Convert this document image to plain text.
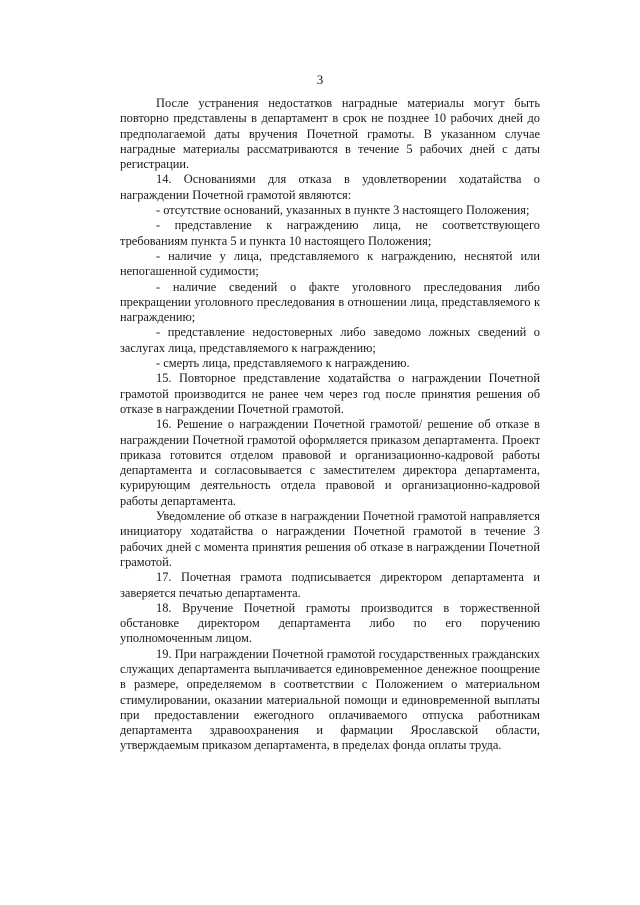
3

После устранения недостатков наградные материалы могут быть повторно представлены в департамент в срок не позднее 10 рабочих дней до предполагаемой даты вручения Почетной грамоты. В указанном случае наградные материалы рассматриваются в течение 5 рабочих дней с даты регистрации.

14. Основаниями для отказа в удовлетворении ходатайства о награждении Почетной грамотой являются:

- отсутствие оснований, указанных в пункте 3 настоящего Положения;

- представление к награждению лица, не соответствующего требованиям пункта 5 и пункта 10 настоящего Положения;

- наличие у лица, представляемого к награждению, неснятой или непогашенной судимости;

- наличие сведений о факте уголовного преследования либо прекращении уголовного преследования в отношении лица, представляемого к награждению;

- представление недостоверных либо заведомо ложных сведений о заслугах лица, представляемого к награждению;

- смерть лица, представляемого к награждению.

15. Повторное представление ходатайства о награждении Почетной грамотой производится не ранее чем через год после принятия решения об отказе в награждении Почетной грамотой.

16. Решение о награждении Почетной грамотой/ решение об отказе в награждении Почетной грамотой оформляется приказом департамента. Проект приказа готовится отделом правовой и организационно-кадровой работы департамента и согласовывается с заместителем директора департамента, курирующим деятельность отдела правовой и организационно-кадровой работы департамента.

Уведомление об отказе в награждении Почетной грамотой направляется инициатору ходатайства о награждении Почетной грамотой в течение 3 рабочих дней с момента принятия решения об отказе в награждении Почетной грамотой.

17. Почетная грамота подписывается директором департамента и заверяется печатью департамента.

18. Вручение Почетной грамоты производится в торжественной обстановке директором департамента либо по его поручению уполномоченным лицом.

19. При награждении Почетной грамотой государственных гражданских служащих департамента выплачивается единовременное денежное поощрение в размере, определяемом в соответствии с Положением о материальном стимулировании, оказании материальной помощи и единовременной выплаты при предоставлении ежегодного оплачиваемого отпуска работникам департамента здравоохранения и фармации Ярославской области, утверждаемым приказом департамента, в пределах фонда оплаты труда.
